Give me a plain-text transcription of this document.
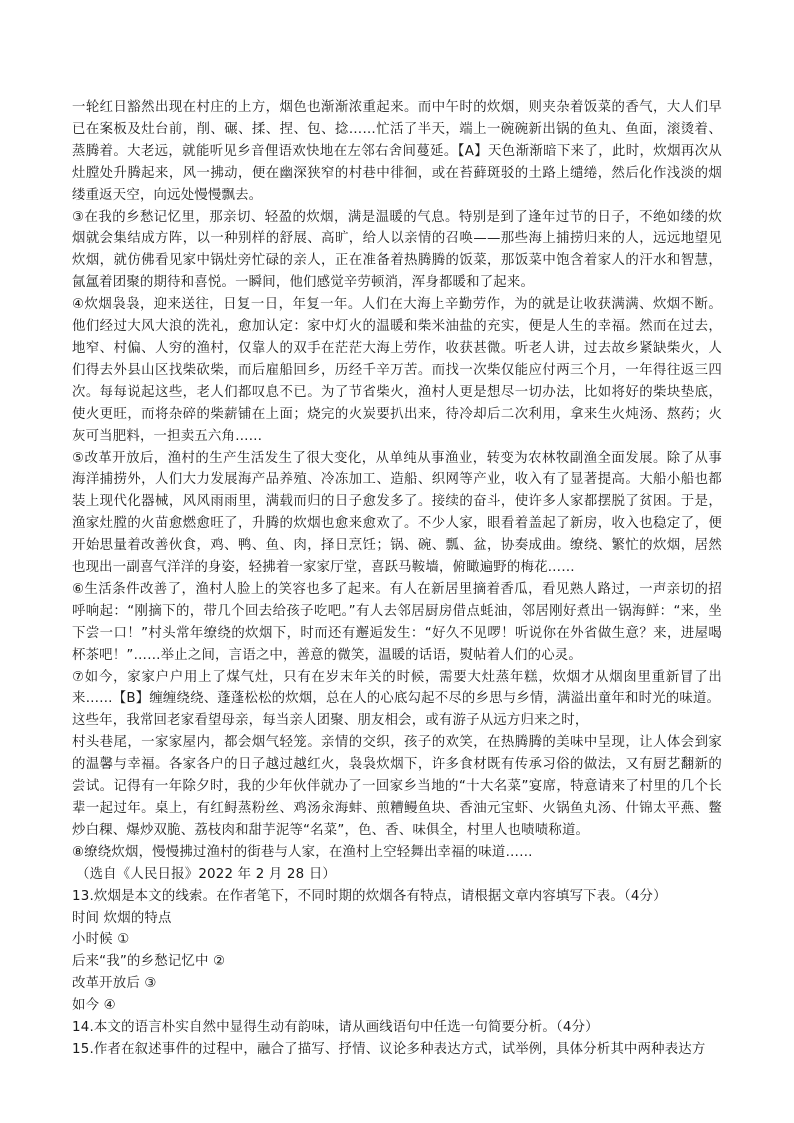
一轮红日豁然出现在村庄的上方，烟色也渐渐浓重起来。而中午时的炊烟，则夹杂着饭菜的香气，大人们早已在案板及灶台前，削、碾、揉、捏、包、捻……忙活了半天，端上一碗碗新出锅的鱼丸、鱼面，滚烫着、蒸腾着。大老远，就能听见乡音俚语欢快地在左邻右舍间蔓延。【A】天色渐渐暗下来了，此时，炊烟再次从灶膛处升腾起来，风一拂动，便在幽深狭窄的村巷中徘徊，或在苔藓斑驳的土路上缱绻，然后化作浅淡的烟缕重返天空，向远处慢慢飘去。

③在我的乡愁记忆里，那亲切、轻盈的炊烟，满是温暖的气息。特别是到了逢年过节的日子，不绝如缕的炊烟就会集结成方阵，以一种别样的舒展、高旷，给人以亲情的召唤——那些海上捕捞归来的人，远远地望见炊烟，就仿佛看见家中锅灶旁忙碌的亲人，正在准备着热腾腾的饭菜，那饭菜中饱含着家人的汗水和智慧，氤氲着团聚的期待和喜悦。一瞬间，他们感觉辛劳顿消，浑身都暖和了起来。

④炊烟袅袅，迎来送往，日复一日，年复一年。人们在大海上辛勤劳作，为的就是让收获满满、炊烟不断。他们经过大风大浪的洗礼，愈加认定：家中灯火的温暖和柴米油盐的充实，便是人生的幸福。然而在过去，地窄、村偏、人穷的渔村，仅靠人的双手在茫茫大海上劳作，收获甚微。听老人讲，过去故乡紧缺柴火，人们得去外县山区找柴砍柴，而后雇船回乡，历经千辛万苦。而找一次柴仅能应付两三个月，一年得往返三四次。每每说起这些，老人们都叹息不已。为了节省柴火，渔村人更是想尽一切办法，比如将好的柴块垫底，使火更旺，而将杂碎的柴薪铺在上面；烧完的火炭要扒出来，待冷却后二次利用，拿来生火炖汤、熬药；火灰可当肥料，一担卖五六角……

⑤改革开放后，渔村的生产生活发生了很大变化，从单纯从事渔业，转变为农林牧副渔全面发展。除了从事海洋捕捞外，人们大力发展海产品养殖、冷冻加工、造船、织网等产业，收入有了显著提高。大船小船也都装上现代化器械，风风雨雨里，满载而归的日子愈发多了。接续的奋斗，使许多人家都摆脱了贫困。于是，渔家灶膛的火苗愈燃愈旺了，升腾的炊烟也愈来愈欢了。不少人家，眼看着盖起了新房，收入也稳定了，便开始思量着改善伙食，鸡、鸭、鱼、肉，择日烹饪；锅、碗、瓢、盆，协奏成曲。缭绕、繁忙的炊烟，居然也现出一副喜气洋洋的身姿，轻拂着一家家厅堂，喜跃马鞍墙，俯瞰遍野的梅花……

⑥生活条件改善了，渔村人脸上的笑容也多了起来。有人在新居里摘着香瓜，看见熟人路过，一声亲切的招呼响起：“刚摘下的，带几个回去给孩子吃吧。”有人去邻居厨房借点蚝油，邻居刚好煮出一锅海鲜：“来，坐下尝一口！”村头常年缭绕的炊烟下，时而还有邂逅发生：“好久不见啰！听说你在外省做生意？来，进屋喝杯茶吧！”……举止之间，言语之中，善意的微笑，温暖的话语，熨帖着人们的心灵。

⑦如今，家家户户用上了煤气灶，只有在岁末年关的时候，需要大灶蒸年糕，炊烟才从烟囱里重新冒了出来……【B】缠缠绕绕、蓬蓬松松的炊烟，总在人的心底勾起不尽的乡思与乡情，满溢出童年和时光的味道。

这些年，我常回老家看望母亲，每当亲人团聚、朋友相会，或有游子从远方归来之时，

村头巷尾，一家家屋内，都会烟气轻笼。亲情的交织，孩子的欢笑，在热腾腾的美味中呈现，让人体会到家的温馨与幸福。各家各户的日子越过越红火，袅袅炊烟下，许多食材既有传承习俗的做法，又有厨艺翻新的尝试。记得有一年除夕时，我的少年伙伴就办了一回家乡当地的“十大名菜”宴席，特意请来了村里的几个长辈一起过年。桌上，有红鲟蒸粉丝、鸡汤汆海蚌、煎糟鳗鱼块、香油元宝虾、火锅鱼丸汤、什锦太平燕、鳖炒白稞、爆炒双脆、荔枝肉和甜芋泥等“名菜”，色、香、味俱全，村里人也啧啧称道。

⑧缭绕炊烟，慢慢拂过渔村的街巷与人家，在渔村上空轻舞出幸福的味道……

（选自《人民日报》2022 年 2 月 28 日）

13.炊烟是本文的线索。在作者笔下，不同时期的炊烟各有特点，请根据文章内容填写下表。（4分）

时间 炊烟的特点

小时候 ①

后来“我”的乡愁记忆中 ②

改革开放后 ③

如今 ④

14.本文的语言朴实自然中显得生动有韵味，请从画线语句中任选一句简要分析。（4分）

15.作者在叙述事件的过程中，融合了描写、抒情、议论多种表达方式，试举例，具体分析其中两种表达方
